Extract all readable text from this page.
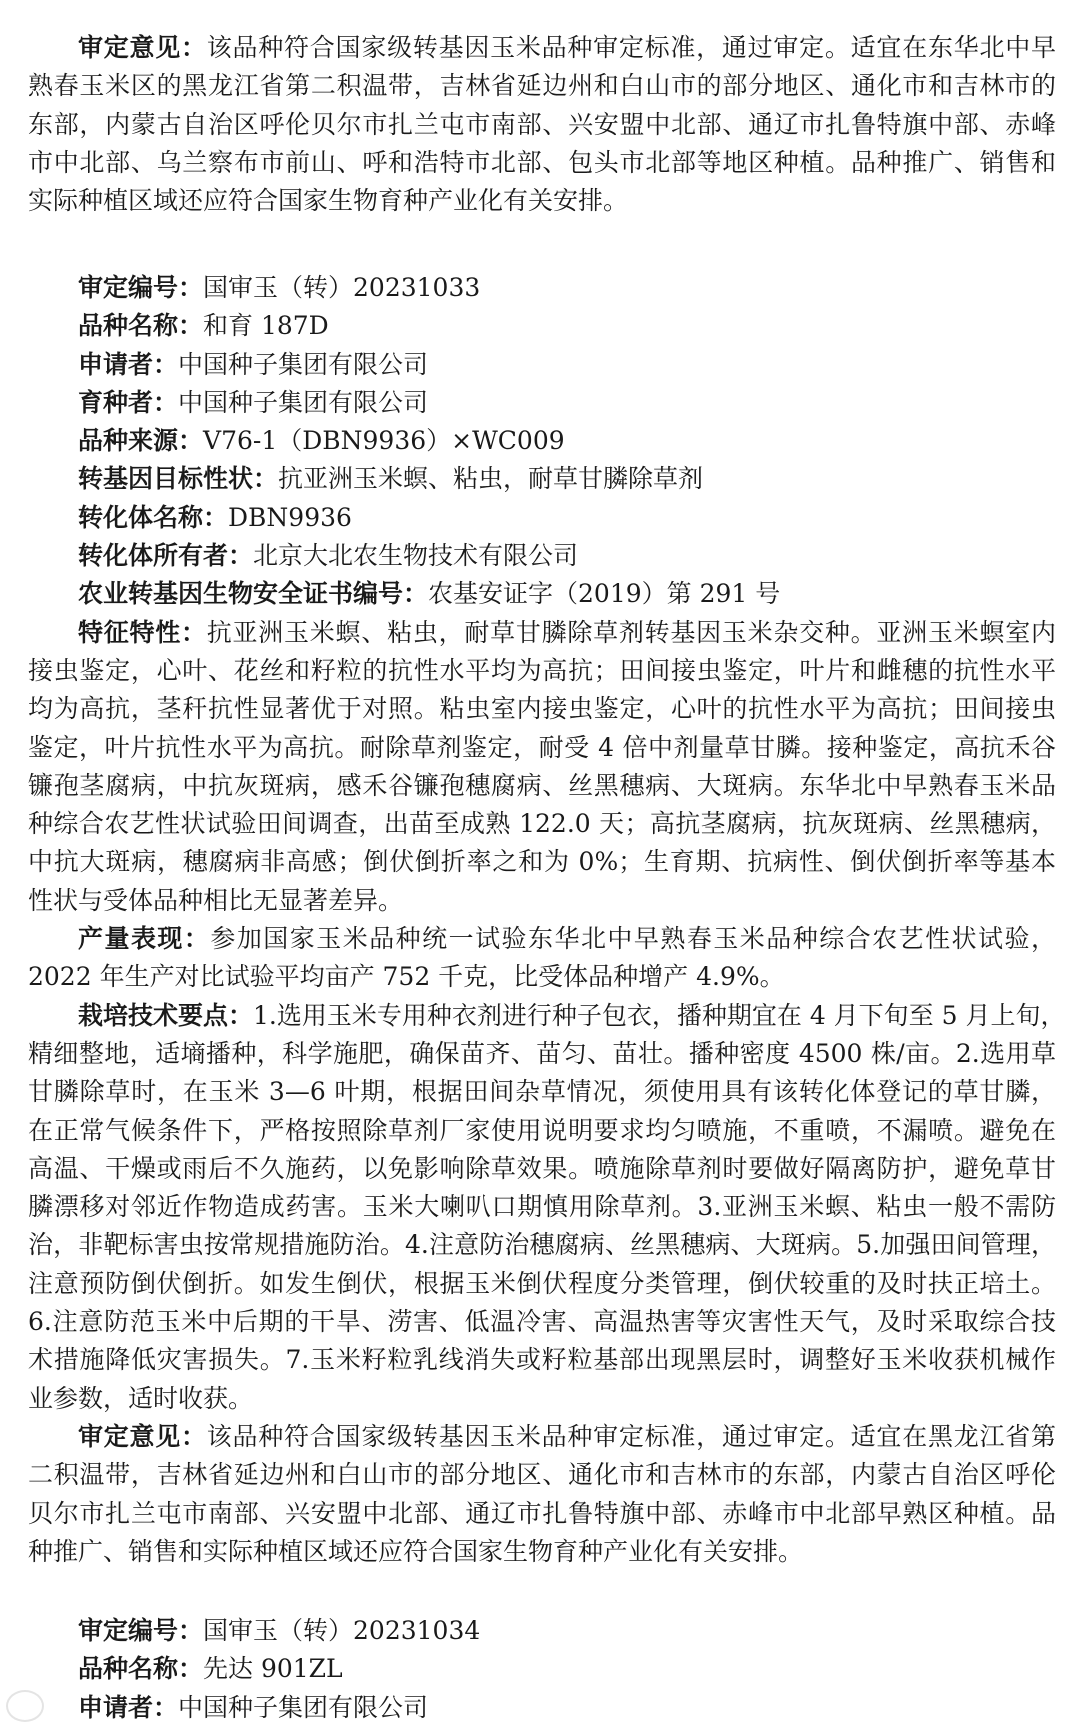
审定意见：该品种符合国家级转基因玉米品种审定标准，通过审定。适宜在东华北中早
熟春玉米区的黑龙江省第二积温带，吉林省延边州和白山市的部分地区、通化市和吉林市的
东部，内蒙古自治区呼伦贝尔市扎兰屯市南部、兴安盟中北部、通辽市扎鲁特旗中部、赤峰
市中北部、乌兰察布市前山、呼和浩特市北部、包头市北部等地区种植。品种推广、销售和
实际种植区域还应符合国家生物育种产业化有关安排。
审定编号：国审玉（转）20231033
品种名称：和育 187D
申请者：中国种子集团有限公司
育种者：中国种子集团有限公司
品种来源：V76-1（DBN9936）×WC009
转基因目标性状：抗亚洲玉米螟、粘虫，耐草甘膦除草剂
转化体名称：DBN9936
转化体所有者：北京大北农生物技术有限公司
农业转基因生物安全证书编号：农基安证字（2019）第 291 号
特征特性：抗亚洲玉米螟、粘虫，耐草甘膦除草剂转基因玉米杂交种。亚洲玉米螟室内
接虫鉴定，心叶、花丝和籽粒的抗性水平均为高抗；田间接虫鉴定，叶片和雌穗的抗性水平
均为高抗，茎秆抗性显著优于对照。粘虫室内接虫鉴定，心叶的抗性水平为高抗；田间接虫
鉴定，叶片抗性水平为高抗。耐除草剂鉴定，耐受 4 倍中剂量草甘膦。接种鉴定，高抗禾谷
镰孢茎腐病，中抗灰斑病，感禾谷镰孢穗腐病、丝黑穗病、大斑病。东华北中早熟春玉米品
种综合农艺性状试验田间调查，出苗至成熟 122.0 天；高抗茎腐病，抗灰斑病、丝黑穗病，
中抗大斑病，穗腐病非高感；倒伏倒折率之和为 0%；生育期、抗病性、倒伏倒折率等基本
性状与受体品种相比无显著差异。
产量表现：参加国家玉米品种统一试验东华北中早熟春玉米品种综合农艺性状试验，
2022 年生产对比试验平均亩产 752 千克，比受体品种增产 4.9%。
栽培技术要点：1.选用玉米专用种衣剂进行种子包衣，播种期宜在 4 月下旬至 5 月上旬，
精细整地，适墒播种，科学施肥，确保苗齐、苗匀、苗壮。播种密度 4500 株/亩。2.选用草
甘膦除草时，在玉米 3—6 叶期，根据田间杂草情况，须使用具有该转化体登记的草甘膦，
在正常气候条件下，严格按照除草剂厂家使用说明要求均匀喷施，不重喷，不漏喷。避免在
高温、干燥或雨后不久施药，以免影响除草效果。喷施除草剂时要做好隔离防护，避免草甘
膦漂移对邻近作物造成药害。玉米大喇叭口期慎用除草剂。3.亚洲玉米螟、粘虫一般不需防
治，非靶标害虫按常规措施防治。4.注意防治穗腐病、丝黑穗病、大斑病。5.加强田间管理，
注意预防倒伏倒折。如发生倒伏，根据玉米倒伏程度分类管理，倒伏较重的及时扶正培土。
6.注意防范玉米中后期的干旱、涝害、低温冷害、高温热害等灾害性天气，及时采取综合技
术措施降低灾害损失。7.玉米籽粒乳线消失或籽粒基部出现黑层时，调整好玉米收获机械作
业参数，适时收获。
审定意见：该品种符合国家级转基因玉米品种审定标准，通过审定。适宜在黑龙江省第
二积温带，吉林省延边州和白山市的部分地区、通化市和吉林市的东部，内蒙古自治区呼伦
贝尔市扎兰屯市南部、兴安盟中北部、通辽市扎鲁特旗中部、赤峰市中北部早熟区种植。品
种推广、销售和实际种植区域还应符合国家生物育种产业化有关安排。
审定编号：国审玉（转）20231034
品种名称：先达 901ZL
申请者：中国种子集团有限公司
